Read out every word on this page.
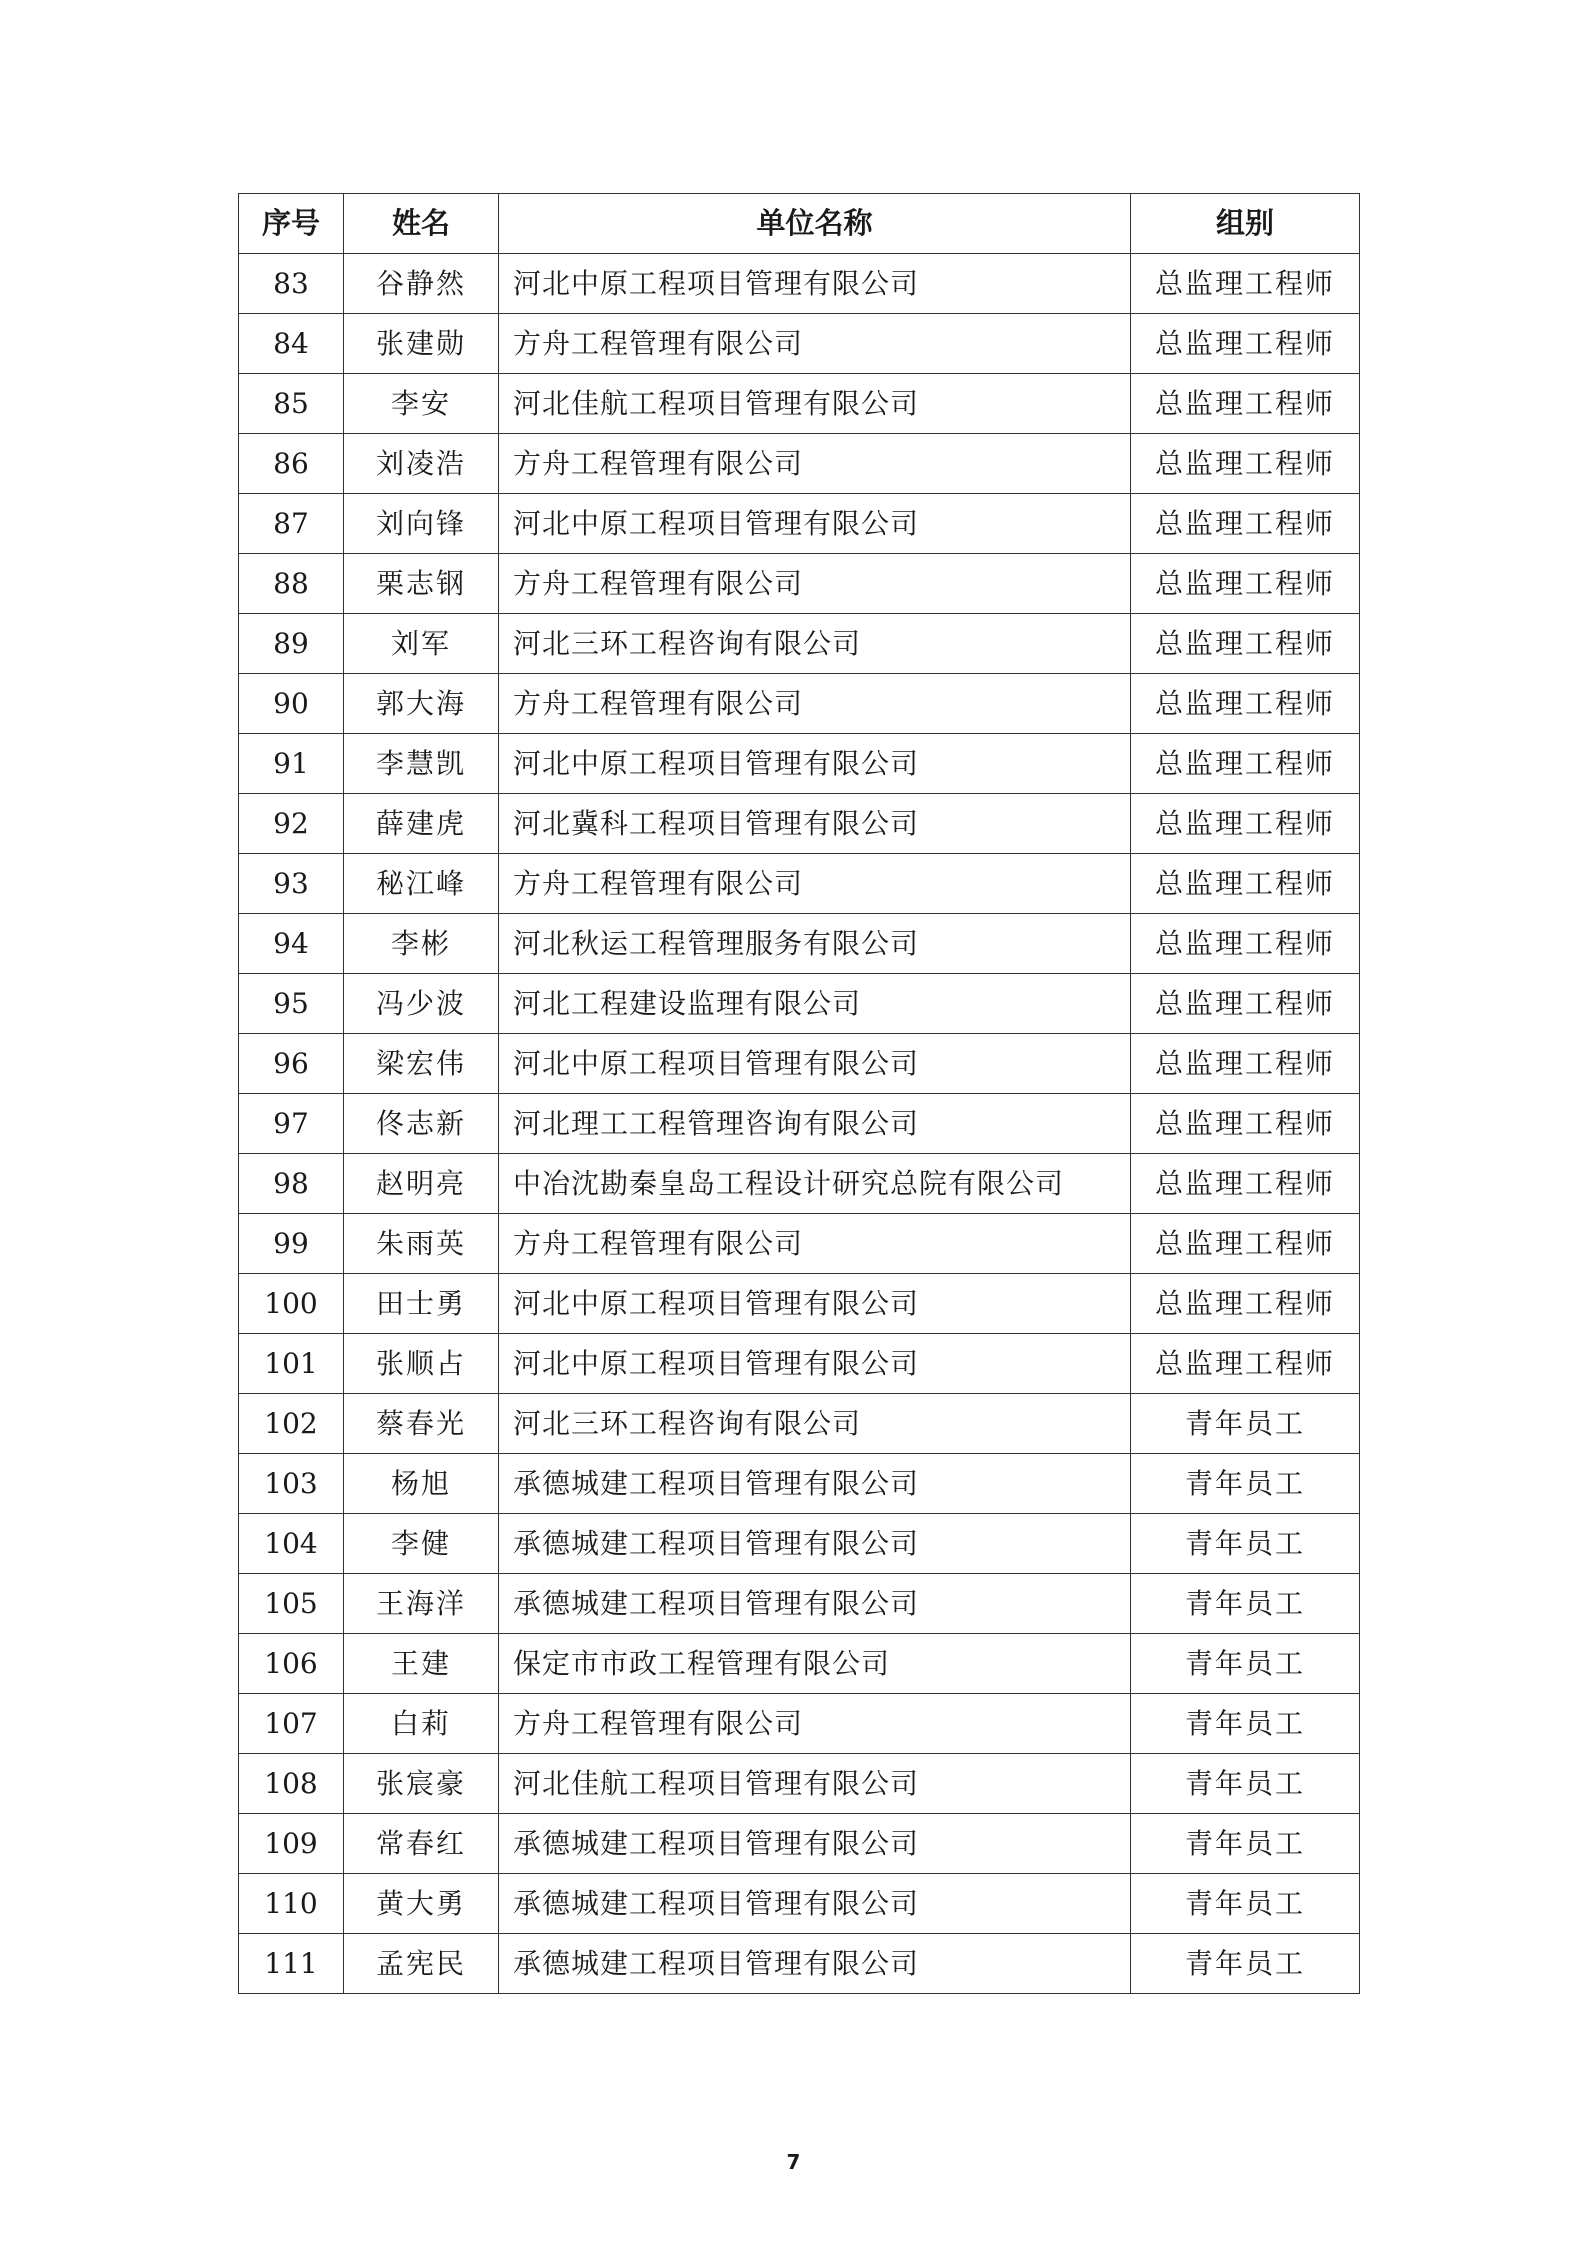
序号	姓名	单位名称	组别
83	谷静然	河北中原工程项目管理有限公司	总监理工程师
84	张建勋	方舟工程管理有限公司	总监理工程师
85	李安	河北佳航工程项目管理有限公司	总监理工程师
86	刘凌浩	方舟工程管理有限公司	总监理工程师
87	刘向锋	河北中原工程项目管理有限公司	总监理工程师
88	栗志钢	方舟工程管理有限公司	总监理工程师
89	刘军	河北三环工程咨询有限公司	总监理工程师
90	郭大海	方舟工程管理有限公司	总监理工程师
91	李慧凯	河北中原工程项目管理有限公司	总监理工程师
92	薛建虎	河北冀科工程项目管理有限公司	总监理工程师
93	秘江峰	方舟工程管理有限公司	总监理工程师
94	李彬	河北秋运工程管理服务有限公司	总监理工程师
95	冯少波	河北工程建设监理有限公司	总监理工程师
96	梁宏伟	河北中原工程项目管理有限公司	总监理工程师
97	佟志新	河北理工工程管理咨询有限公司	总监理工程师
98	赵明亮	中冶沈勘秦皇岛工程设计研究总院有限公司	总监理工程师
99	朱雨英	方舟工程管理有限公司	总监理工程师
100	田士勇	河北中原工程项目管理有限公司	总监理工程师
101	张顺占	河北中原工程项目管理有限公司	总监理工程师
102	蔡春光	河北三环工程咨询有限公司	青年员工
103	杨旭	承德城建工程项目管理有限公司	青年员工
104	李健	承德城建工程项目管理有限公司	青年员工
105	王海洋	承德城建工程项目管理有限公司	青年员工
106	王建	保定市市政工程管理有限公司	青年员工
107	白莉	方舟工程管理有限公司	青年员工
108	张宸豪	河北佳航工程项目管理有限公司	青年员工
109	常春红	承德城建工程项目管理有限公司	青年员工
110	黄大勇	承德城建工程项目管理有限公司	青年员工
111	孟宪民	承德城建工程项目管理有限公司	青年员工
7
